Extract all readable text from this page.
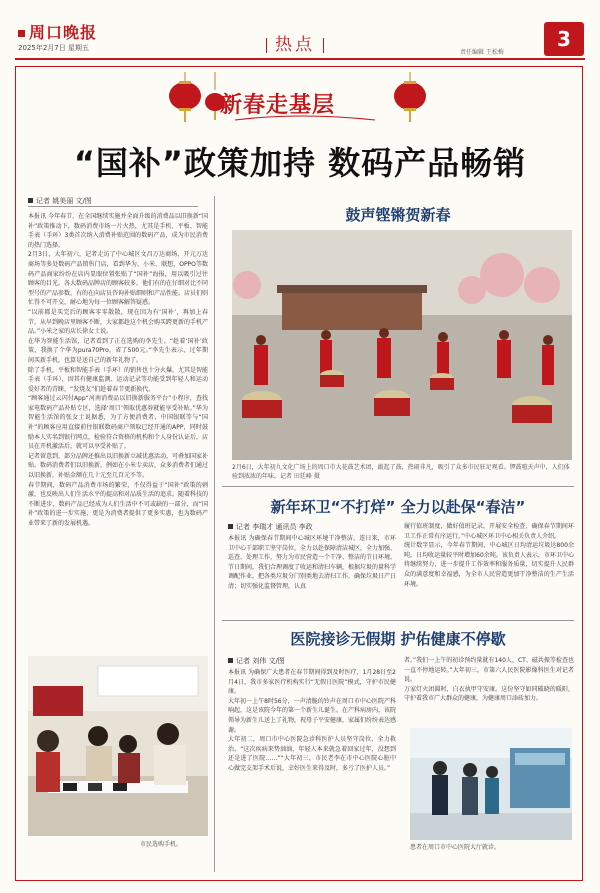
周口晚报
2025年2月7日 星期五	热点	责任编辑 王松梅
3
新春走基层
“国补”政策加持 数码产品畅销
记者 姚美丽 文/图
本报讯 今年春节，在全国继续实施并全面升级的消费品以旧换新“国补”政策推动下，数码消费市场一片火热，尤其是手机、平板、智能手表（手环）3类首次纳入消费补贴范围的数码产品，成为市民消费的热门选择。
2月3日，大年初六，记者走访了中心城区文昌万达商场、开元万达商场等多处数码产品销售门店，看到华为、小米、联想、OPPO等数码产品商家纷纷在店内显眼位置张贴了“国补”海报，用以吸引过往顾客的目光。各大数码品牌店的顾客较多，他们有的在仔细对比不同型号的产品参数，有的在向店员咨询补贴细则和产品性能。店员们则忙得不可开交，耐心地为每一位顾客解答疑惑。
“以前都是买完后的顾客零零散散，现在因为有‘国补’，再加上春节，从早到晚店里顾客不断，大家都趁这个机会购买跨更新的手机产品。”小米之家的店长徐女士说。
在华为智能生活馆，记者看到了正在选购的李先生。“趁着‘国补’政策，我换了个华为pura70Pro，省了500元。”李先生表示，过年期间买新手机，也算是送自己的新年礼物了。
除了手机，平板和智能手表（手环）的销售也十分火爆，尤其是智能手表（手环），因其有健康监测、运动记录等功能受到年轻人和运动爱好者的青睐，“发烧友”们趁着春节更新换代。
“顾客通过云闪付App“河南消费品以旧换新服务平台”小程序，查找家电数码产品补贴专区，选择‘周口’领取优惠券就能享受补贴。”华为智能生活馆的张女士说据悉，为了方便消费者，中国银联等与“国补”的顾客应用直接前往银联数码商户领取已经开通的APP，同时鼓励本人实名到银行网点，检验符合资格的机构和个人身份认证后，店员在开机激活后，就可以享受补贴了。
记者留意到，部分品牌还推出以旧换新立减优惠活动，可叠加国家补贴。数码消费者们以旧换新，例如在小米专卖店，众多消费者们通过以旧换新，补贴金额在几十元至几百元不等。
春节期间，数码产品消费市场的繁荣，不仅得益于“国补”政策的刺激，也反映出人们生活水平的提高和对品质生活的追求。随着科技的不断进步，数码产品已经成为人们生活中不可或缺的一部分，而“国补”政策的进一步实施，更是为消费者提供了更多实惠，也为数码产业带来了新的发展机遇。
市民选购手机。
鼓声铿锵贺新春
2月6日，大年初九文化广场上的周口市大花鼓艺术团，敲起了鼓，热闹非凡，吸引了众多市民驻足观看。锣鼓喧天声中，人们体验到浓浓的年味。记者 田廷峰 摄
新年环卫“不打烊” 全力以赴保“春洁”
记者 李瑞才 通讯员 李政
本报讯 为确保春节期间中心城区环境干净整洁，连日来，市环卫中心干部职工坚守岗位，全力以赴保障清洁城区，全力加强、巡查、处理工作，努力为市民营造一个干净、整洁的节日环境。
节日期间，我们合理调度了收运和清扫车辆，根据垃圾的量科学调配作业，把各类垃圾分门别类地去清扫工作，确保垃圾日产日清；切实强化监督管理，认真
履行值班制度，做好值班记录，开展安全检查，确保春节期间环卫工作正常有序运行，”中心城区环卫中心相关负责人介绍。
统计数字显示，今年春节期间，中心城区日均清运垃圾达800余吨，日均收运量较平时增加60余吨。该负责人表示，市环卫中心将继续努力，进一步提升工作效率和服务质量，切实提升人民群众的满意度和幸福感，为全市人民营造更加干净整洁的生产生活环境。
医院接诊无假期 护佑健康不停歇
记者 刘伟 文/图
本报讯 为确保广大患者在春节期间得到及时医疗，1月28日至2月4日，我市多家医疗机构实行“无假日医院”模式，守护市民健康。
大年初一上午8时56分，一声清脆的铃声在周口市中心医院产科响起，这是该院今年的第一个新生儿诞生。在产科病房内，该院领导为新生儿送上了礼物，祝母子平安健康，家属们纷纷表达感谢。
大年初二，周口市中心医院急诊科医护人员坚守岗位，全力救治。“这次疾病来势汹汹，年轻人本来就急着回家过年，没想到还是进了医院……”“大年初三，市民老李在市中心医院心脏中心做完支架手术后说，幸好医生来得及时，多亏了医护人员。”
者。”我们一上午的初诊预约量就有140人，CT、磁共振等检查也一直不停地运转。”大年初三，市第六人民医院影像科医生对记者说。
万家灯火团圆时，白衣执甲守安康。这份坚守如同破晓的暖阳，守护着我市广大群众的健康，为健康周口添砖加力。
患者在周口市中心医院大厅就诊。
